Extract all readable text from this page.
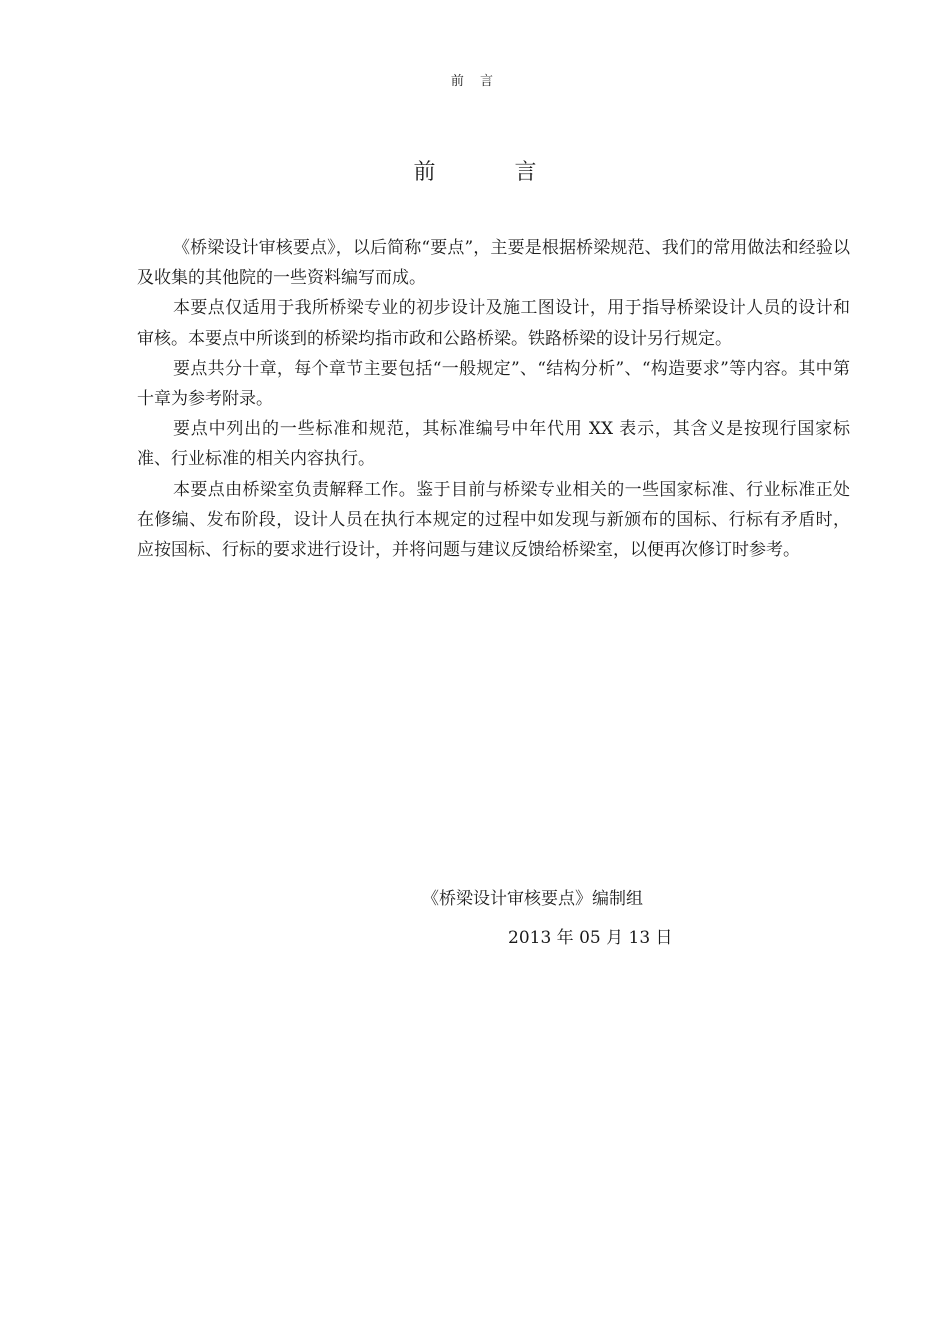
前 言
前 言

《桥梁设计审核要点》，以后简称“要点”，主要是根据桥梁规范、我们的常用做法和经验以及收集的其他院的一些资料编写而成。

本要点仅适用于我所桥梁专业的初步设计及施工图设计，用于指导桥梁设计人员的设计和审核。本要点中所谈到的桥梁均指市政和公路桥梁。铁路桥梁的设计另行规定。

要点共分十章，每个章节主要包括“一般规定”、“结构分析”、“构造要求”等内容。其中第十章为参考附录。

要点中列出的一些标准和规范，其标准编号中年代用 XX 表示，其含义是按现行国家标准、行业标准的相关内容执行。

本要点由桥梁室负责解释工作。鉴于目前与桥梁专业相关的一些国家标准、行业标准正处在修编、发布阶段，设计人员在执行本规定的过程中如发现与新颁布的国标、行标有矛盾时，应按国标、行标的要求进行设计，并将问题与建议反馈给桥梁室，以便再次修订时参考。

《桥梁设计审核要点》编制组
2013 年 05 月 13 日
